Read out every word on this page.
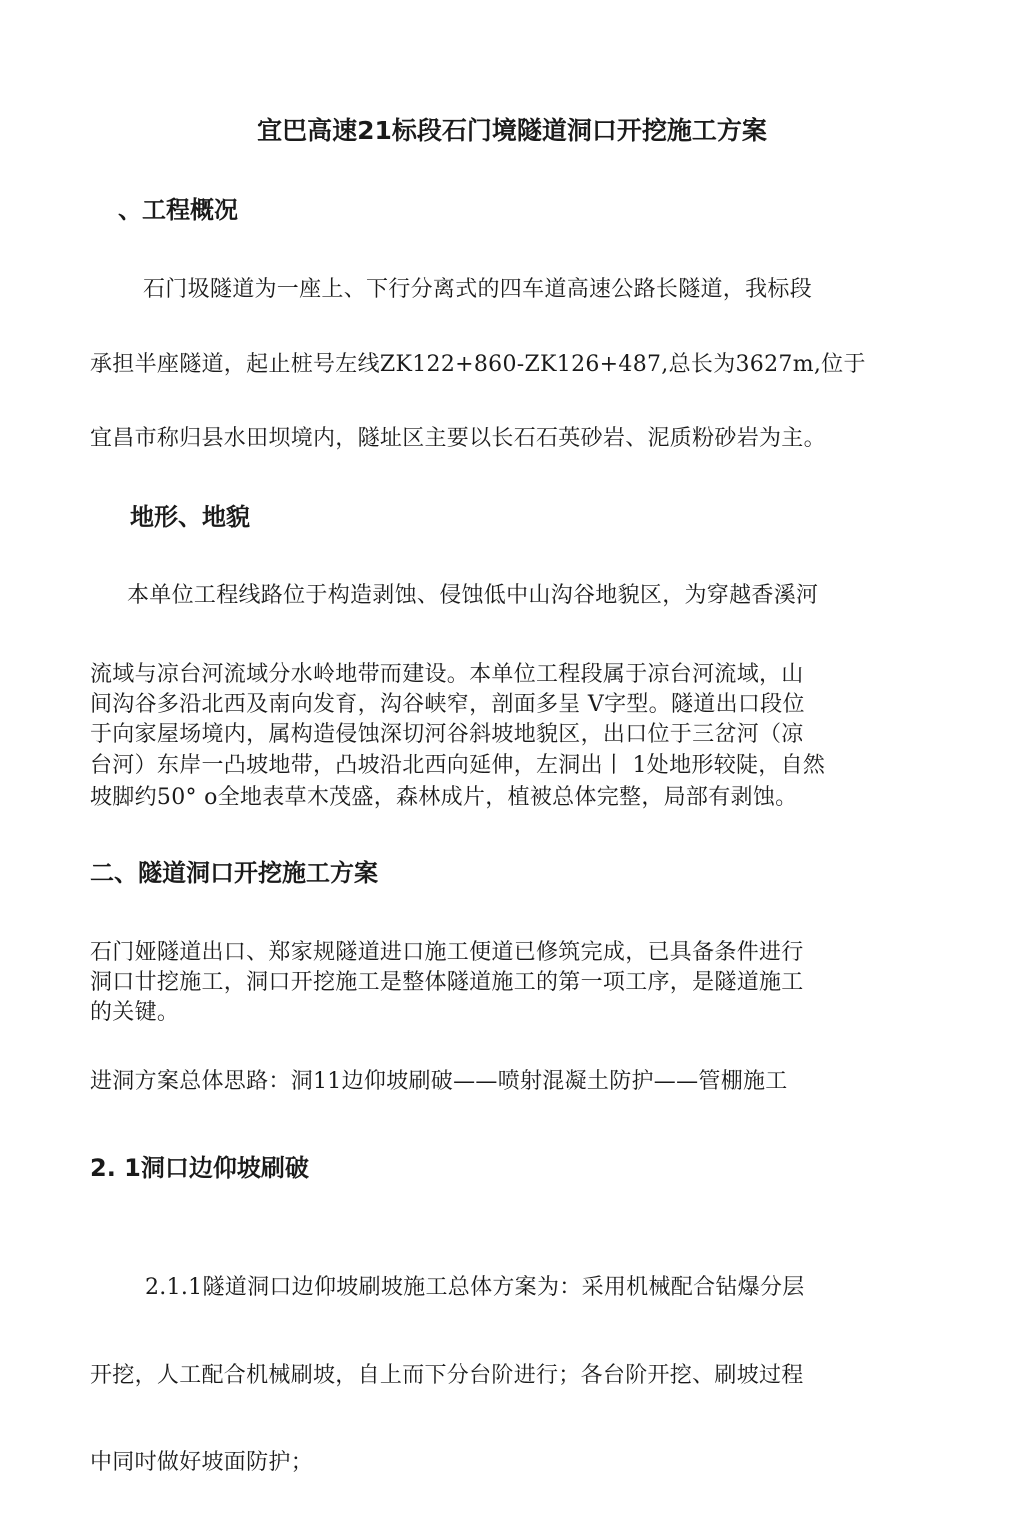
宜巴高速21标段石门境隧道洞口开挖施工方案
、工程概况

石门圾隧道为一座上、下行分离式的四车道高速公路长隧道，我标段

承担半座隧道，起止桩号左线ZK122+860-ZK126+487,总长为3627m,位于

宜昌市称归县水田坝境内，隧址区主要以长石石英砂岩、泥质粉砂岩为主。

地形、地貌

本单位工程线路位于构造剥蚀、侵蚀低中山沟谷地貌区，为穿越香溪河

流域与凉台河流域分水岭地带而建设。本单位工程段属于凉台河流域，山

间沟谷多沿北西及南向发育，沟谷峡窄，剖面多呈 V字型。隧道出口段位

于向家屋场境内，属构造侵蚀深切河谷斜坡地貌区，出口位于三岔河（凉

台河）东岸一凸坡地带，凸坡沿北西向延伸，左洞出丨 1处地形较陡，自然

坡脚约50° o全地表草木茂盛，森林成片，植被总体完整，局部有剥蚀。

二、隧道洞口开挖施工方案

石门娅隧道出口、郑家规隧道进口施工便道已修筑完成，已具备条件进行

洞口廿挖施工，洞口开挖施工是整体隧道施工的第一项工序，是隧道施工

的关键。

进洞方案总体思路：洞11边仰坡刷破——喷射混凝土防护——管棚施工

2. 1洞口边仰坡刷破

2.1.1隧道洞口边仰坡刷坡施工总体方案为：采用机械配合钻爆分层

开挖，人工配合机械刷坡，自上而下分台阶进行；各台阶开挖、刷坡过程

中同吋做好坡面防护；
